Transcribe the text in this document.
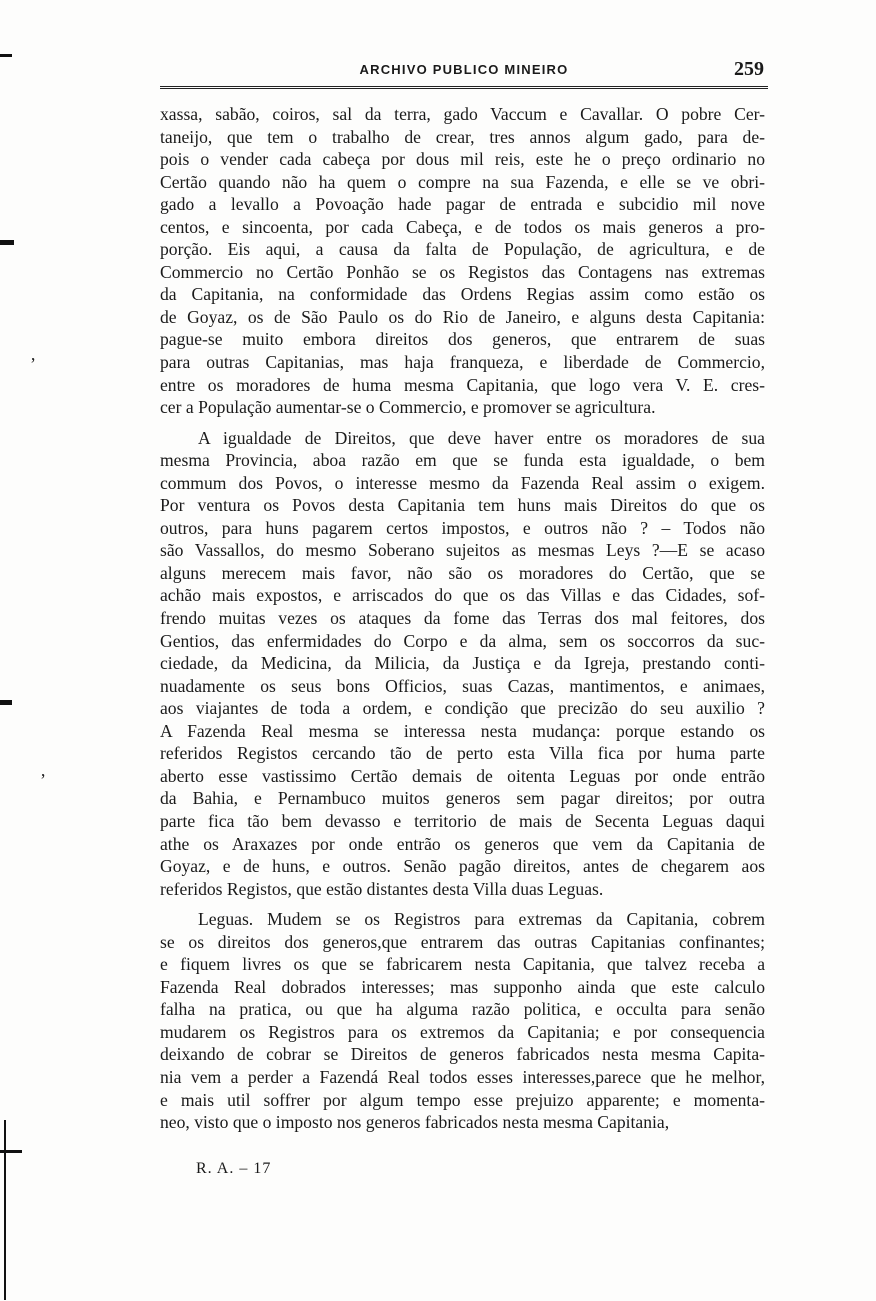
ARCHIVO PUBLICO MINEIRO	259
xassa, sabão, coiros, sal da terra, gado Vaccum e Cavallar. O pobre Cer-
taneijo, que tem o trabalho de crear, tres annos algum gado, para de-
pois o vender cada cabeça por dous mil reis, este he o preço ordinario no
Certão quando não ha quem o compre na sua Fazenda, e elle se ve obri-
gado a levallo a Povoação hade pagar de entrada e subcidio mil nove
centos, e sincoenta, por cada Cabeça, e de todos os mais generos a pro-
porção. Eis aqui, a causa da falta de População, de agricultura, e de
Commercio no Certão Ponhão se os Registos das Contagens nas extremas
da Capitania, na conformidade das Ordens Regias assim como estão os
de Goyaz, os de São Paulo os do Rio de Janeiro, e alguns desta Capitania:
pague-se muito embora direitos dos generos, que entrarem de suas
para outras Capitanias, mas haja franqueza, e liberdade de Commercio,
entre os moradores de huma mesma Capitania, que logo vera V. E. cres-
cer a População aumentar-se o Commercio, e promover se agricultura.
A igualdade de Direitos, que deve haver entre os moradores de sua
mesma Provincia, aboa razão em que se funda esta igualdade, o bem
commum dos Povos, o interesse mesmo da Fazenda Real assim o exigem.
Por ventura os Povos desta Capitania tem huns mais Direitos do que os
outros, para huns pagarem certos impostos, e outros não ? – Todos não
são Vassallos, do mesmo Soberano sujeitos as mesmas Leys ?—E se acaso
alguns merecem mais favor, não são os moradores do Certão, que se
achão mais expostos, e arriscados do que os das Villas e das Cidades, sof-
frendo muitas vezes os ataques da fome das Terras dos mal feitores, dos
Gentios, das enfermidades do Corpo e da alma, sem os soccorros da suc-
ciedade, da Medicina, da Milicia, da Justiça e da Igreja, prestando conti-
nuadamente os seus bons Officios, suas Cazas, mantimentos, e animaes,
aos viajantes de toda a ordem, e condição que precizão do seu auxilio ?
A Fazenda Real mesma se interessa nesta mudança: porque estando os
referidos Registos cercando tão de perto esta Villa fica por huma parte
aberto esse vastissimo Certão demais de oitenta Leguas por onde entrão
da Bahia, e Pernambuco muitos generos sem pagar direitos; por outra
parte fica tão bem devasso e territorio de mais de Secenta Leguas daqui
athe os Araxazes por onde entrão os generos que vem da Capitania de
Goyaz, e de huns, e outros. Senão pagão direitos, antes de chegarem aos
referidos Registos, que estão distantes desta Villa duas Leguas.
Leguas. Mudem se os Registros para extremas da Capitania, cobrem
se os direitos dos generos,que entrarem das outras Capitanias confinantes;
e fiquem livres os que se fabricarem nesta Capitania, que talvez receba a
Fazenda Real dobrados interesses; mas supponho ainda que este calculo
falha na pratica, ou que ha alguma razão politica, e occulta para senão
mudarem os Registros para os extremos da Capitania; e por consequencia
deixando de cobrar se Direitos de generos fabricados nesta mesma Capita-
nia vem a perder a Fazendá Real todos esses interesses,parece que he melhor,
e mais util soffrer por algum tempo esse prejuizo apparente; e momenta-
neo, visto que o imposto nos generos fabricados nesta mesma Capitania,
R. A. – 17
ʼ
ʼ
